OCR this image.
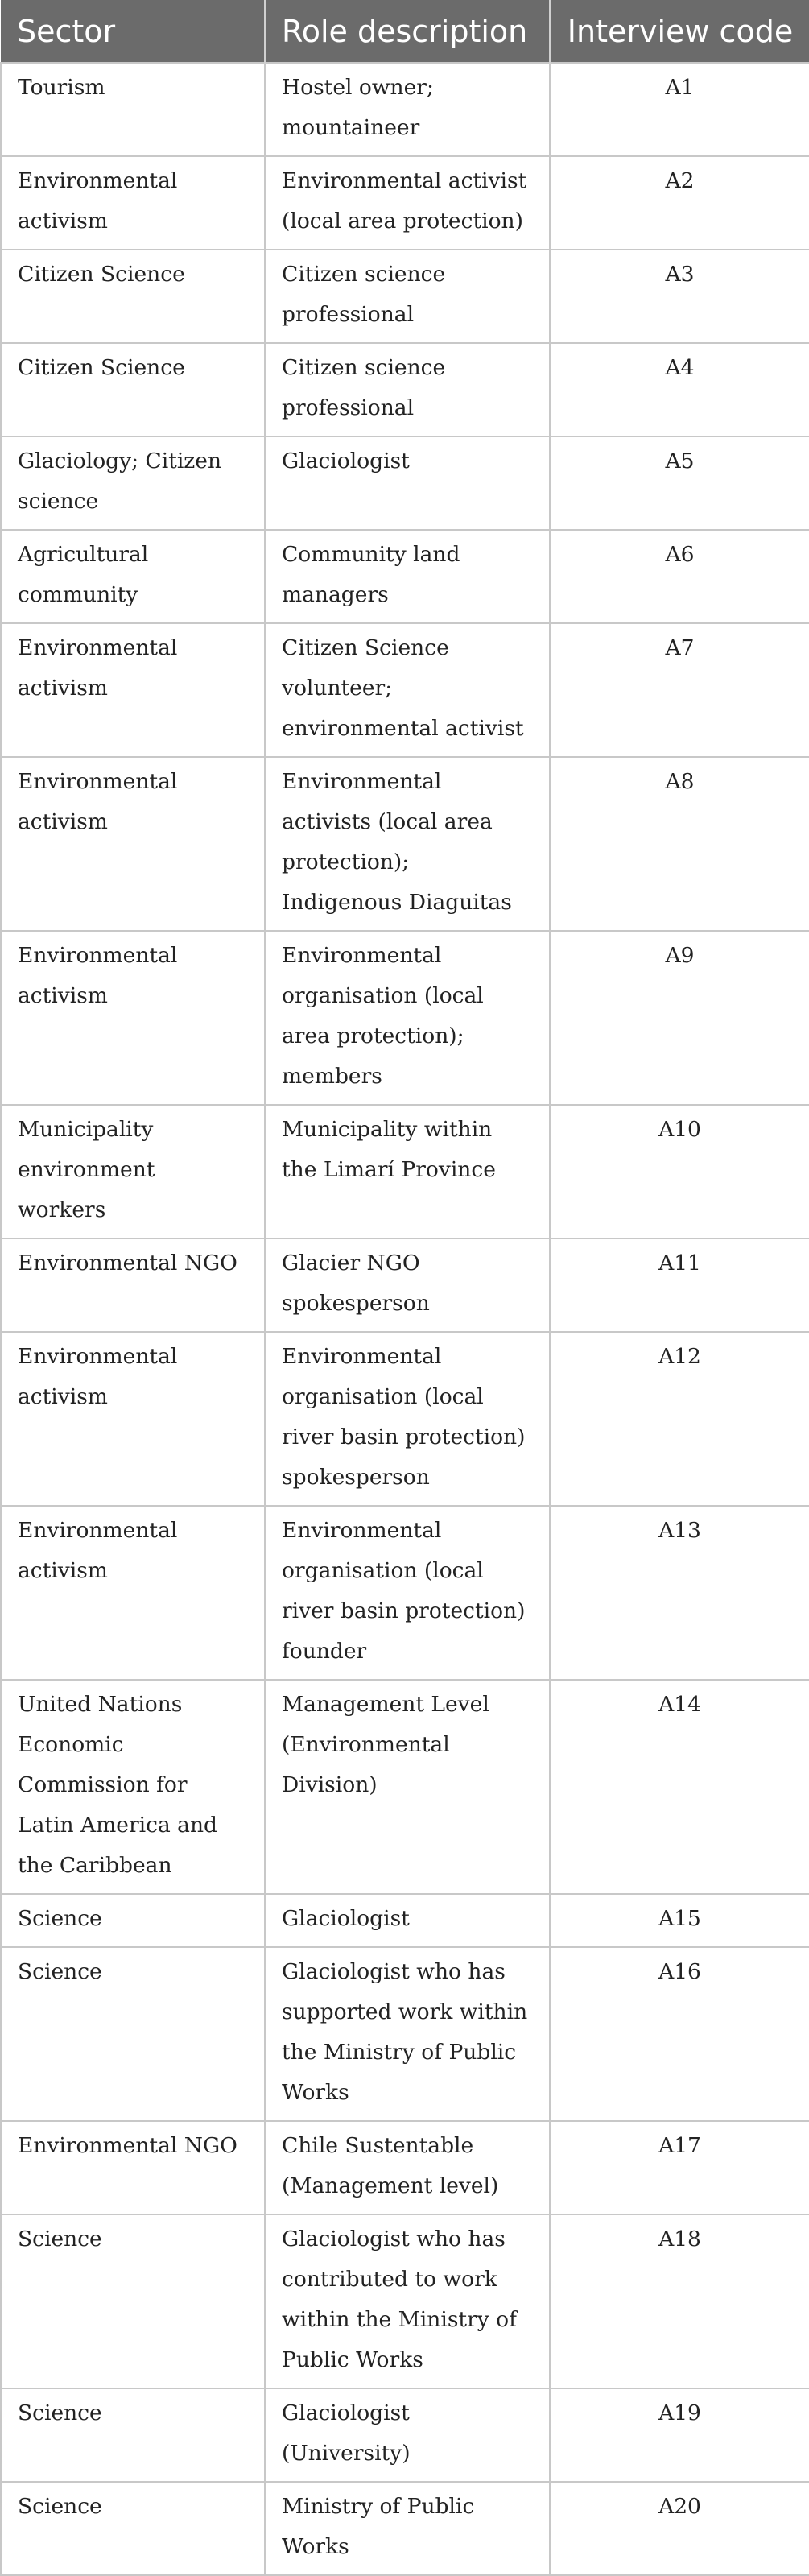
Sector	Role description	Interview code
Tourism	Hostel owner; mountaineer	A1
Environmental activism	Environmental activist (local area protection)	A2
Citizen Science	Citizen science professional	A3
Citizen Science	Citizen science professional	A4
Glaciology; Citizen science	Glaciologist	A5
Agricultural community	Community land managers	A6
Environmental activism	Citizen Science volunteer; environmental activist	A7
Environmental activism	Environmental activists (local area protection); Indigenous Diaguitas	A8
Environmental activism	Environmental organisation (local area protection); members	A9
Municipality environment workers	Municipality within the Limarí Province	A10
Environmental NGO	Glacier NGO spokesperson	A11
Environmental activism	Environmental organisation (local river basin protection) spokesperson	A12
Environmental activism	Environmental organisation (local river basin protection) founder	A13
United Nations Economic Commission for Latin America and the Caribbean	Management Level (Environmental Division)	A14
Science	Glaciologist	A15
Science	Glaciologist who has supported work within the Ministry of Public Works	A16
Environmental NGO	Chile Sustentable (Management level)	A17
Science	Glaciologist who has contributed to work within the Ministry of Public Works	A18
Science	Glaciologist (University)	A19
Science	Ministry of Public Works	A20
